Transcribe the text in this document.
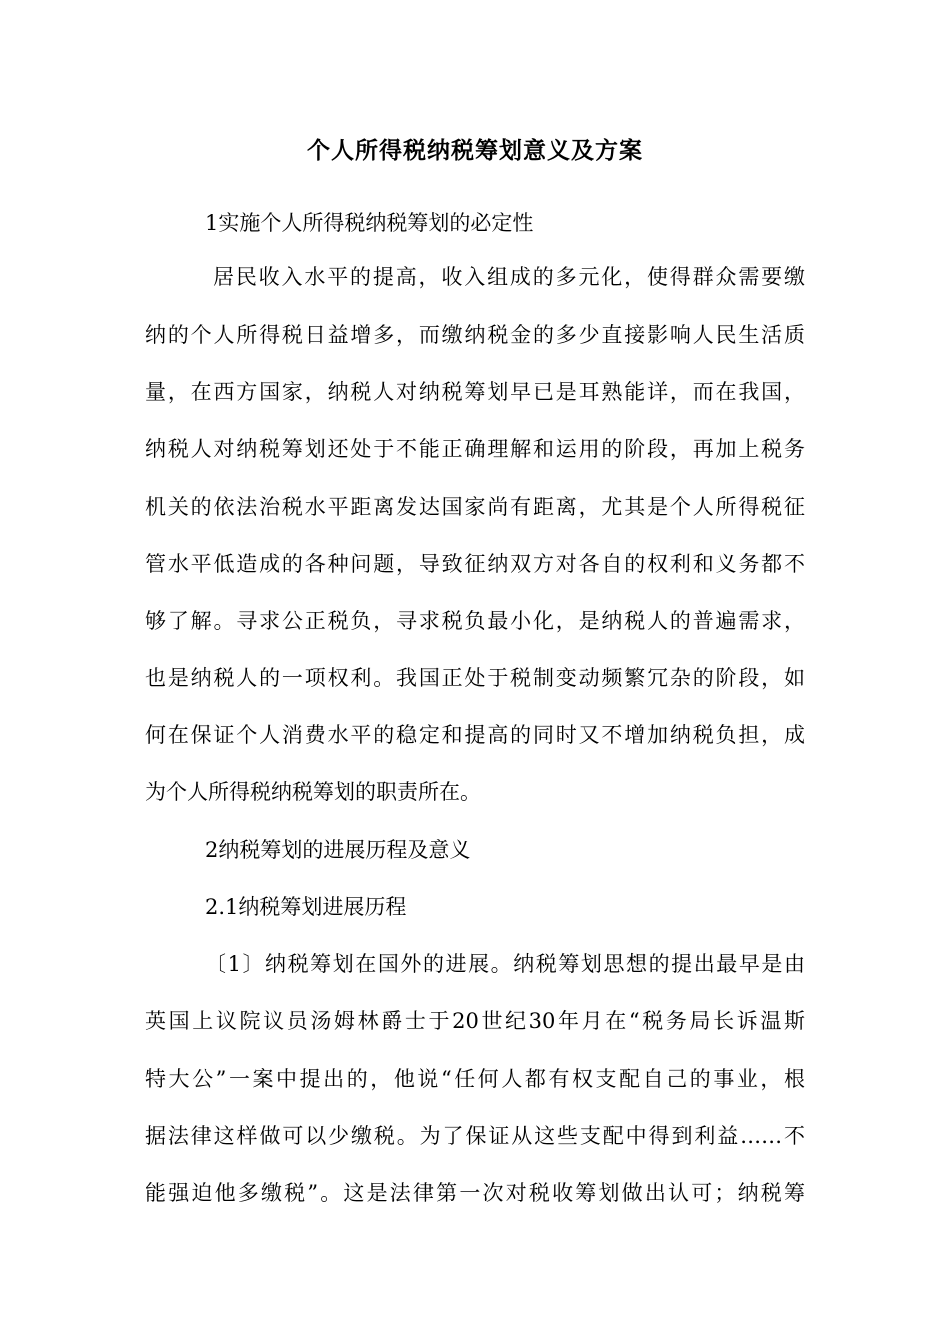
个人所得税纳税筹划意义及方案
1实施个人所得税纳税筹划的必定性
居民收入水平的提高，收入组成的多元化，使得群众需要缴
纳的个人所得税日益增多，而缴纳税金的多少直接影响人民生活质
量，在西方国家，纳税人对纳税筹划早已是耳熟能详，而在我国，
纳税人对纳税筹划还处于不能正确理解和运用的阶段，再加上税务
机关的依法治税水平距离发达国家尚有距离，尤其是个人所得税征
管水平低造成的各种问题，导致征纳双方对各自的权利和义务都不
够了解。寻求公正税负，寻求税负最小化，是纳税人的普遍需求，
也是纳税人的一项权利。我国正处于税制变动频繁冗杂的阶段，如
何在保证个人消费水平的稳定和提高的同时又不增加纳税负担，成
为个人所得税纳税筹划的职责所在。
2纳税筹划的进展历程及意义
2.1纳税筹划进展历程
〔1〕纳税筹划在国外的进展。纳税筹划思想的提出最早是由
英国上议院议员汤姆林爵士于20世纪30年月在“税务局长诉温斯
特大公”一案中提出的，他说“任何人都有权支配自己的事业，根
据法律这样做可以少缴税。为了保证从这些支配中得到利益……不
能强迫他多缴税”。这是法律第一次对税收筹划做出认可；纳税筹
